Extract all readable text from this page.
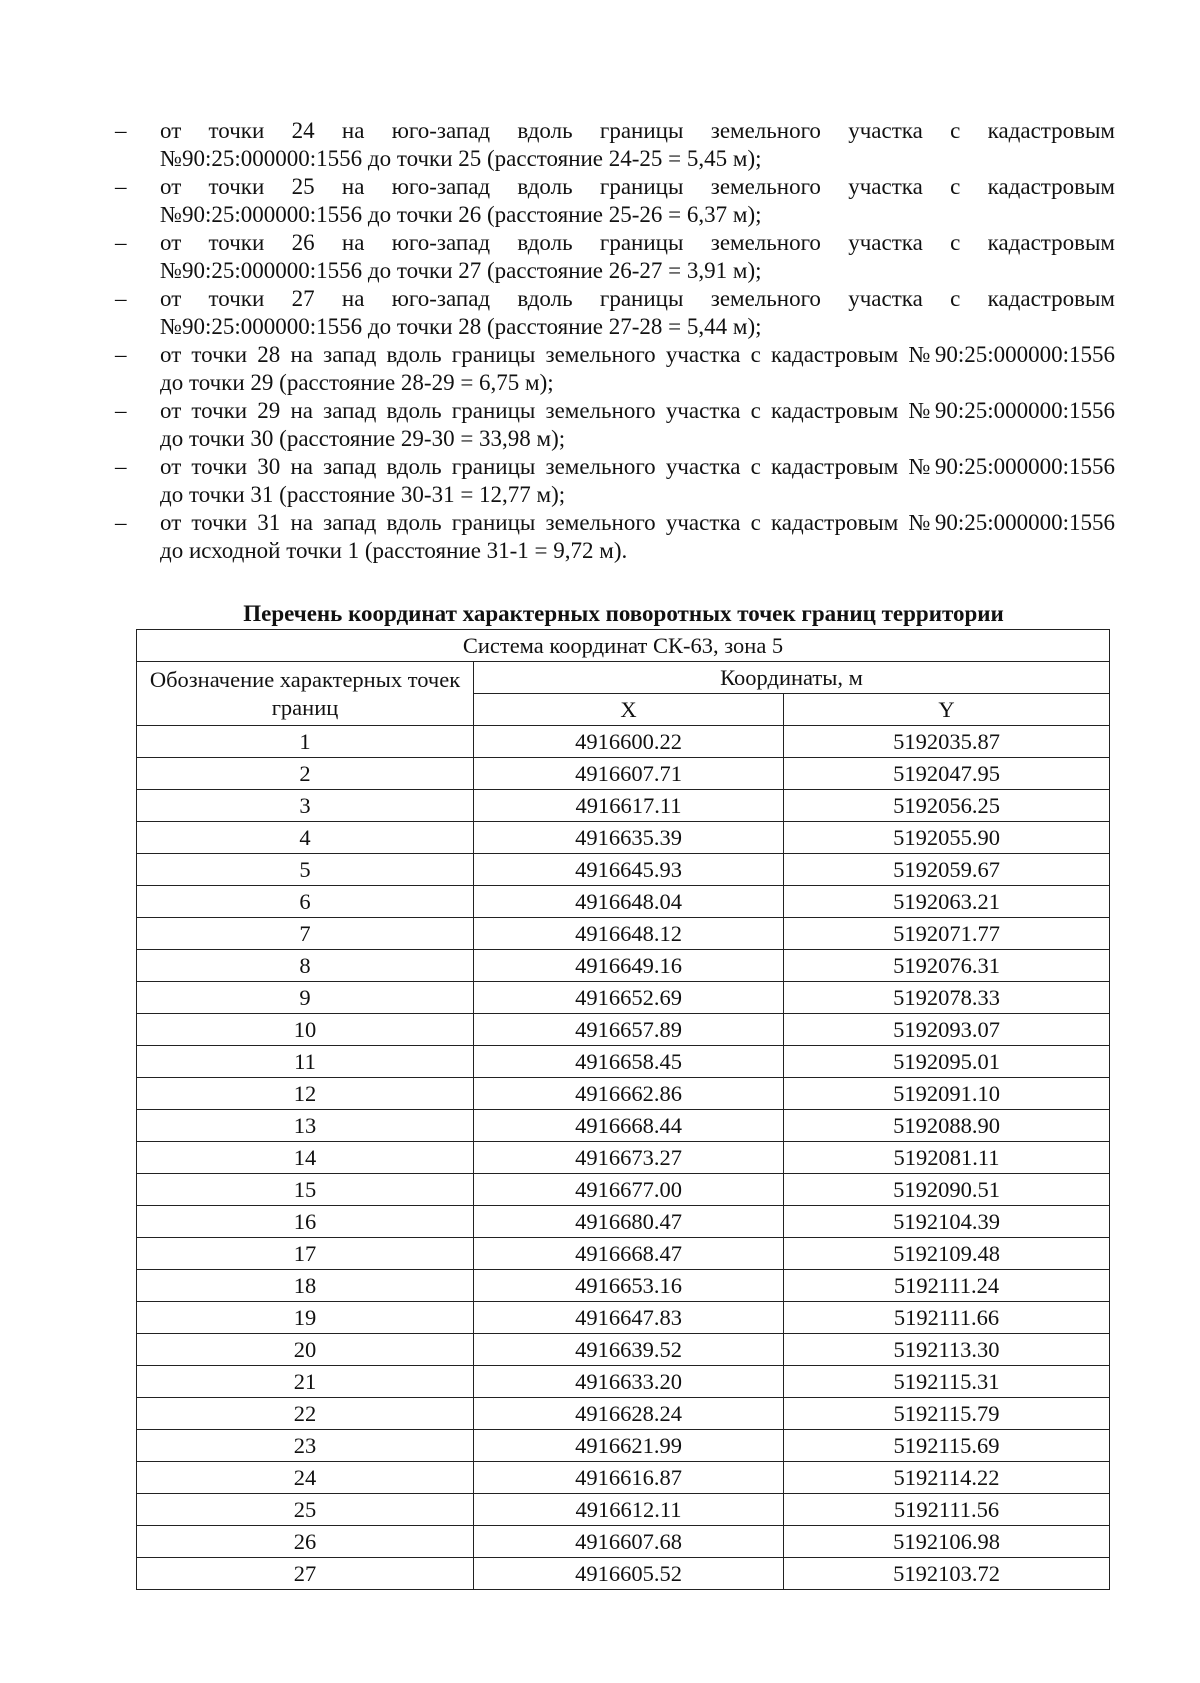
– от точки 24 на юго-запад вдоль границы земельного участка с кадастровым
№90:25:000000:1556 до точки 25 (расстояние 24-25 = 5,45 м);
– от точки 25 на юго-запад вдоль границы земельного участка с кадастровым
№90:25:000000:1556 до точки 26 (расстояние 25-26 = 6,37 м);
– от точки 26 на юго-запад вдоль границы земельного участка с кадастровым
№90:25:000000:1556 до точки 27 (расстояние 26-27 = 3,91 м);
– от точки 27 на юго-запад вдоль границы земельного участка с кадастровым
№90:25:000000:1556 до точки 28 (расстояние 27-28 = 5,44 м);
– от точки 28 на запад вдоль границы земельного участка с кадастровым №90:25:000000:1556
до точки 29 (расстояние 28-29 = 6,75 м);
– от точки 29 на запад вдоль границы земельного участка с кадастровым №90:25:000000:1556
до точки 30 (расстояние 29-30 = 33,98 м);
– от точки 30 на запад вдоль границы земельного участка с кадастровым №90:25:000000:1556
до точки 31 (расстояние 30-31 = 12,77 м);
– от точки 31 на запад вдоль границы земельного участка с кадастровым №90:25:000000:1556
до исходной точки 1 (расстояние 31-1 = 9,72 м).
Перечень координат характерных поворотных точек границ территории
Система координат СК-63, зона 5		
Обозначение характерных точек границ	Координаты, м	
	X	Y
1	4916600.22	5192035.87
2	4916607.71	5192047.95
3	4916617.11	5192056.25
4	4916635.39	5192055.90
5	4916645.93	5192059.67
6	4916648.04	5192063.21
7	4916648.12	5192071.77
8	4916649.16	5192076.31
9	4916652.69	5192078.33
10	4916657.89	5192093.07
11	4916658.45	5192095.01
12	4916662.86	5192091.10
13	4916668.44	5192088.90
14	4916673.27	5192081.11
15	4916677.00	5192090.51
16	4916680.47	5192104.39
17	4916668.47	5192109.48
18	4916653.16	5192111.24
19	4916647.83	5192111.66
20	4916639.52	5192113.30
21	4916633.20	5192115.31
22	4916628.24	5192115.79
23	4916621.99	5192115.69
24	4916616.87	5192114.22
25	4916612.11	5192111.56
26	4916607.68	5192106.98
27	4916605.52	5192103.72
